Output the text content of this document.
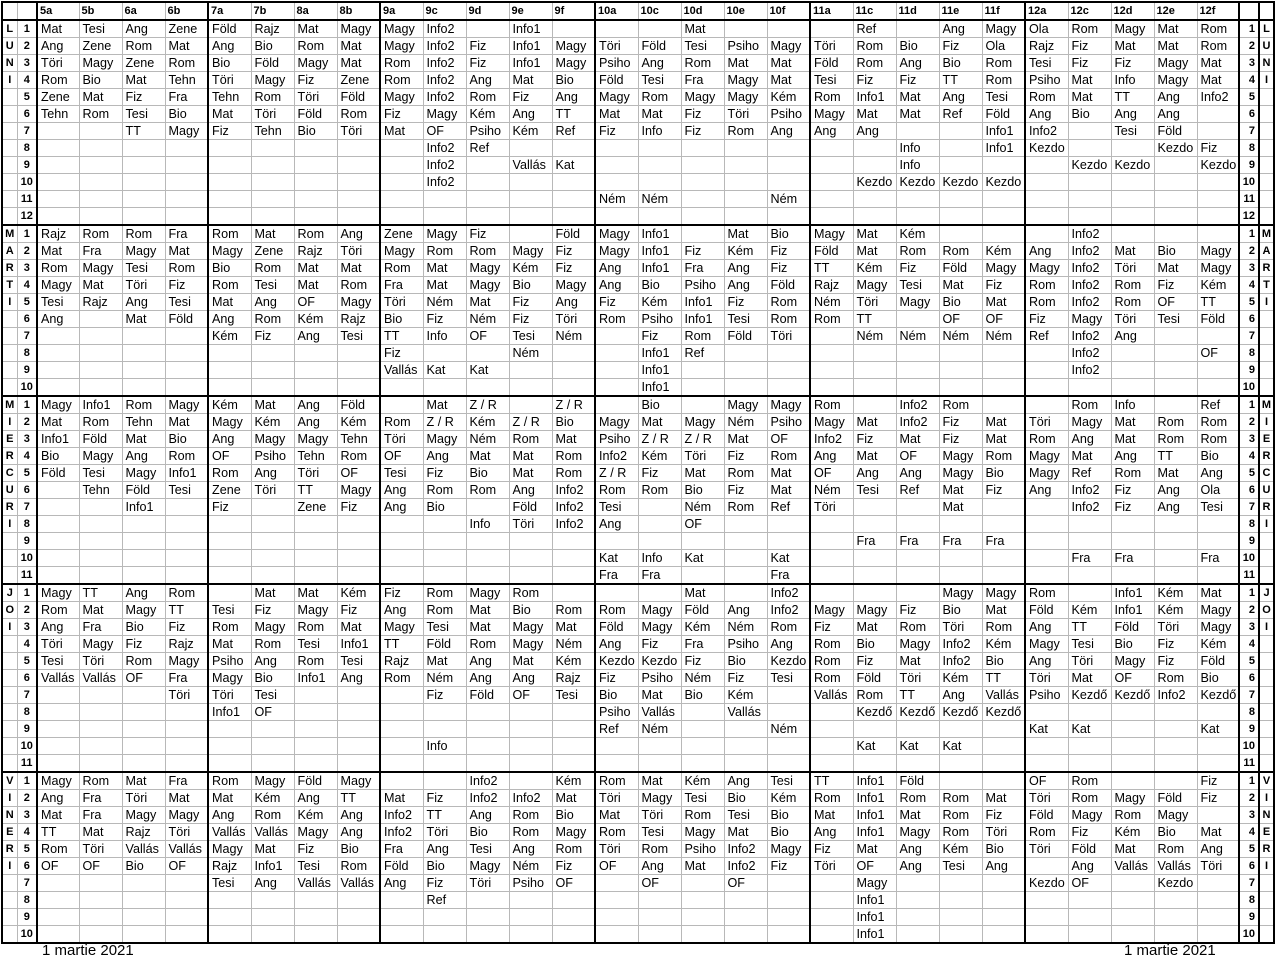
		5a	5b	6a	6b	7a	7b	8a	8b	9a	9c	9d	9e	9f	10a	10c	10d	10e	10f	11a	11c	11d	11e	11f	12a	12c	12d	12e	12f		
L	1	Mat	Tesi	Ang	Zene	Föld	Rajz	Mat	Magy	Magy	Info2		Info1				Mat				Ref		Ang	Magy	Ola	Rom	Magy	Mat	Rom	1	L
U	2	Ang	Zene	Rom	Mat	Ang	Bio	Rom	Mat	Magy	Info2	Fiz	Info1	Magy	Töri	Föld	Tesi	Psiho	Magy	Töri	Rom	Bio	Fiz	Ola	Rajz	Fiz	Mat	Mat	Rom	2	U
N	3	Töri	Magy	Zene	Rom	Bio	Föld	Magy	Mat	Rom	Info2	Fiz	Info1	Magy	Psiho	Ang	Rom	Mat	Mat	Föld	Rom	Ang	Bio	Rom	Tesi	Fiz	Fiz	Magy	Mat	3	N
I	4	Rom	Bio	Mat	Tehn	Töri	Magy	Fiz	Zene	Rom	Info2	Ang	Mat	Bio	Föld	Tesi	Fra	Magy	Mat	Tesi	Fiz	Fiz	TT	Rom	Psiho	Mat	Info	Magy	Mat	4	I
	5	Zene	Mat	Fiz	Fra	Tehn	Rom	Töri	Föld	Magy	Info2	Rom	Fiz	Ang	Magy	Rom	Magy	Magy	Kém	Rom	Info1	Mat	Ang	Tesi	Rom	Mat	TT	Ang	Info2	5	
	6	Tehn	Rom	Tesi	Bio	Mat	Töri	Föld	Rom	Fiz	Magy	Kém	Ang	TT	Mat	Mat	Fiz	Töri	Psiho	Magy	Mat	Mat	Ref	Föld	Ang	Bio	Ang	Ang		6	
	7			TT	Magy	Fiz	Tehn	Bio	Töri	Mat	OF	Psiho	Kém	Ref	Fiz	Info	Fiz	Rom	Ang	Ang	Ang			Info1	Info2		Tesi	Föld		7	
	8										Info2	Ref										Info		Info1	Kezdo			Kezdo	Fiz	8	
	9										Info2		Vallás	Kat								Info				Kezdo	Kezdo		Kezdo	9	
	10										Info2										Kezdo	Kezdo	Kezdo	Kezdo						10	
	11														Ném	Ném			Ném											11	
	12																													12	
M	1	Rajz	Rom	Rom	Fra	Rom	Mat	Rom	Ang	Zene	Magy	Fiz		Föld	Magy	Info1		Mat	Bio	Magy	Mat	Kém				Info2				1	M
A	2	Mat	Fra	Magy	Mat	Magy	Zene	Rajz	Töri	Magy	Rom	Rom	Magy	Fiz	Magy	Info1	Fiz	Kém	Fiz	Föld	Mat	Rom	Rom	Kém	Ang	Info2	Mat	Bio	Magy	2	A
R	3	Rom	Magy	Tesi	Rom	Bio	Rom	Mat	Mat	Rom	Mat	Magy	Kém	Fiz	Ang	Info1	Fra	Ang	Fiz	TT	Kém	Fiz	Föld	Magy	Magy	Info2	Töri	Mat	Magy	3	R
T	4	Magy	Mat	Töri	Fiz	Rom	Tesi	Mat	Rom	Fra	Mat	Magy	Bio	Magy	Ang	Bio	Psiho	Ang	Föld	Rajz	Magy	Tesi	Mat	Fiz	Rom	Info2	Rom	Fiz	Kém	4	T
I	5	Tesi	Rajz	Ang	Tesi	Mat	Ang	OF	Magy	Töri	Ném	Mat	Fiz	Ang	Fiz	Kém	Info1	Fiz	Rom	Ném	Töri	Magy	Bio	Mat	Rom	Info2	Rom	OF	TT	5	I
	6	Ang		Mat	Föld	Ang	Rom	Kém	Rajz	Bio	Fiz	Ném	Fiz	Töri	Rom	Psiho	Info1	Tesi	Rom	Rom	TT		OF	OF	Fiz	Magy	Töri	Tesi	Föld	6	
	7					Kém	Fiz	Ang	Tesi	TT	Info	OF	Tesi	Ném		Fiz	Rom	Föld	Töri		Ném	Ném	Ném	Ném	Ref	Info2	Ang			7	
	8									Fiz			Ném			Info1	Ref									Info2			OF	8	
	9									Vallás	Kat	Kat				Info1										Info2				9	
	10															Info1														10	
M	1	Magy	Info1	Rom	Magy	Kém	Mat	Ang	Föld		Mat	Z / R		Z / R		Bio		Magy	Magy	Rom		Info2	Rom			Rom	Info		Ref	1	M
I	2	Mat	Rom	Tehn	Mat	Magy	Kém	Ang	Kém	Rom	Z / R	Kém	Z / R	Bio	Magy	Mat	Magy	Ném	Psiho	Magy	Mat	Info2	Fiz	Mat	Töri	Magy	Mat	Rom	Rom	2	I
E	3	Info1	Föld	Mat	Bio	Ang	Magy	Magy	Tehn	Töri	Magy	Ném	Rom	Mat	Psiho	Z / R	Z / R	Mat	OF	Info2	Fiz	Mat	Fiz	Mat	Rom	Ang	Mat	Rom	Rom	3	E
R	4	Bio	Magy	Ang	Rom	OF	Psiho	Tehn	Rom	OF	Ang	Mat	Mat	Rom	Info2	Kém	Töri	Fiz	Rom	Ang	Mat	OF	Magy	Rom	Magy	Mat	Ang	TT	Bio	4	R
C	5	Föld	Tesi	Magy	Info1	Rom	Ang	Töri	OF	Tesi	Fiz	Bio	Mat	Rom	Z / R	Fiz	Mat	Rom	Mat	OF	Ang	Ang	Magy	Bio	Magy	Ref	Rom	Mat	Ang	5	C
U	6		Tehn	Föld	Tesi	Zene	Töri	TT	Magy	Ang	Rom	Rom	Ang	Info2	Rom	Rom	Bio	Fiz	Mat	Ném	Tesi	Ref	Mat	Fiz	Ang	Info2	Fiz	Ang	Ola	6	U
R	7			Info1		Fiz		Zene	Fiz	Ang	Bio		Föld	Info2	Tesi		Ném	Rom	Ref	Töri			Mat			Info2	Fiz	Ang	Tesi	7	R
I	8											Info	Töri	Info2	Ang		OF													8	I
	9																				Fra	Fra	Fra	Fra						9	
	10														Kat	Info	Kat		Kat							Fra	Fra		Fra	10	
	11														Fra	Fra			Fra											11	
J	1	Magy	TT	Ang	Rom		Mat	Mat	Kém	Fiz	Rom	Magy	Rom				Mat		Info2				Magy	Magy	Rom		Info1	Kém	Mat	1	J
O	2	Rom	Mat	Magy	TT	Tesi	Fiz	Magy	Fiz	Ang	Rom	Mat	Bio	Rom	Rom	Magy	Föld	Ang	Info2	Magy	Magy	Fiz	Bio	Mat	Föld	Kém	Info1	Kém	Magy	2	O
I	3	Ang	Fra	Bio	Fiz	Rom	Magy	Rom	Mat	Magy	Tesi	Mat	Magy	Mat	Föld	Magy	Kém	Ném	Rom	Fiz	Mat	Rom	Töri	Rom	Ang	TT	Föld	Töri	Magy	3	I
	4	Töri	Magy	Fiz	Rajz	Mat	Rom	Tesi	Info1	TT	Föld	Rom	Magy	Ném	Ang	Fiz	Fra	Psiho	Ang	Rom	Bio	Magy	Info2	Kém	Magy	Tesi	Bio	Fiz	Kém	4	
	5	Tesi	Töri	Rom	Magy	Psiho	Ang	Rom	Tesi	Rajz	Mat	Ang	Mat	Kém	Kezdo	Kezdo	Fiz	Bio	Kezdo	Rom	Fiz	Mat	Info2	Bio	Ang	Töri	Magy	Fiz	Föld	5	
	6	Vallás	Vallás	OF	Fra	Magy	Bio	Info1	Ang	Rom	Ném	Ang	Ang	Rajz	Fiz	Psiho	Ném	Fiz	Tesi	Rom	Föld	Töri	Kém	TT	Töri	Mat	OF	Rom	Bio	6	
	7				Töri	Töri	Tesi				Fiz	Föld	OF	Tesi	Bio	Mat	Bio	Kém		Vallás	Rom	TT	Ang	Vallás	Psiho	Kezdő	Kezdő	Info2	Kezdő	7	
	8					Info1	OF								Psiho	Vallás		Vallás			Kezdő	Kezdő	Kezdő	Kezdő						8	
	9														Ref	Ném			Ném						Kat	Kat			Kat	9	
	10										Info										Kat	Kat	Kat							10	
	11																													11	
V	1	Magy	Rom	Mat	Fra	Rom	Magy	Föld	Magy			Info2		Kém	Rom	Mat	Kém	Ang	Tesi	TT	Info1	Föld			OF	Rom			Fiz	1	V
I	2	Ang	Fra	Töri	Mat	Mat	Kém	Ang	TT	Mat	Fiz	Info2	Info2	Mat	Töri	Magy	Tesi	Bio	Kém	Rom	Info1	Rom	Rom	Mat	Töri	Rom	Magy	Föld	Fiz	2	I
N	3	Mat	Fra	Magy	Magy	Ang	Rom	Kém	Ang	Info2	TT	Ang	Rom	Bio	Mat	Töri	Rom	Tesi	Bio	Mat	Info1	Mat	Rom	Fiz	Föld	Magy	Rom	Magy		3	N
E	4	TT	Mat	Rajz	Töri	Vallás	Vallás	Magy	Ang	Info2	Töri	Bio	Rom	Magy	Rom	Tesi	Magy	Mat	Bio	Ang	Info1	Magy	Rom	Töri	Rom	Fiz	Kém	Bio	Mat	4	E
R	5	Rom	Töri	Vallás	Vallás	Magy	Mat	Fiz	Bio	Fra	Ang	Tesi	Ang	Rom	Töri	Rom	Psiho	Info2	Magy	Fiz	Mat	Ang	Kém	Bio	Töri	Föld	Mat	Rom	Ang	5	R
I	6	OF	OF	Bio	OF	Rajz	Info1	Tesi	Rom	Föld	Bio	Magy	Ném	Fiz	OF	Ang	Mat	Info2	Fiz	Töri	OF	Ang	Tesi	Ang		Ang	Vallás	Vallás	Töri	6	I
	7					Tesi	Ang	Vallás	Vallás	Ang	Fiz	Töri	Psiho	OF		OF		OF			Magy				Kezdo	OF		Kezdo		7	
	8										Ref										Info1									8	
	9																				Info1									9	
	10																				Info1									10	
1 martie 2021	1 martie 2021
